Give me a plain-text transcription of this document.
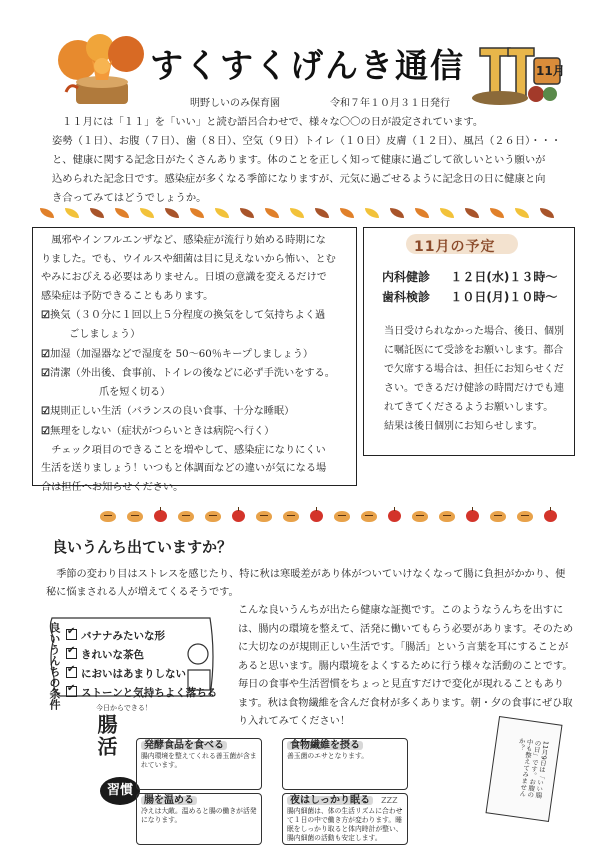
すくすくげんき通信	11月
明野しいのみ保育園	令和７年１０月３１日発行
１１月には「１１」を「いい」と読む語呂合わせで、様々な〇〇の日が設定されています。
姿勢（１日）、お腹（７日）、歯（８日）、空気（９日）トイレ（１０日）皮膚（１２日）、風呂（２６日）・・・
と、健康に関する記念日がたくさんあります。体のことを正しく知って健康に過ごして欲しいという願いが
込められた記念日です。感染症が多くなる季節になりますが、元気に過ごせるように記念日の日に健康と向
き合ってみてはどうでしょうか。

風邪やインフルエンザなど、感染症が流行り始める時期にな

りました。でも、ウイルスや細菌は目に見えないから怖い、とむ

やみにおびえる必要はありません。日頃の意識を変えるだけで

感染症は予防できることもあります。

☑換気（３０分に１回以上５分程度の換気をして気持ちよく過

ごしましょう）

☑加湿（加湿器などで湿度を 50～60％キープしましょう）

☑清潔（外出後、食事前、トイレの後などに必ず手洗いをする。

爪を短く切る）

☑規則正しい生活（バランスの良い食事、十分な睡眠）

☑無理をしない（症状がつらいときは病院へ行く）

チェック項目のできることを増やして、感染症になりにくい

生活を送りましょう！いつもと体調面などの違いが気になる場

合は担任へお知らせください。

11月の予定
内科健診 １２日(水)１３時～
歯科検診 １０日(月)１０時～
当日受けられなかった場合、後日、個別に嘱託医にて受診をお願いします。都合で欠席する場合は、担任にお知らせください。できるだけ健診の時間だけでも連れてきてくださるようお願いします。
結果は後日個別にお知らせします。
良いうんち出ていますか？
季節の変わり目はストレスを感じたり、特に秋は寒暖差があり体がついていけなくなって腸に負担がかかり、便秘に悩まされる人が増えてくるそうです。
こんな良いうんちが出たら健康な証拠です。このようなうんちを出すには、腸内の環境を整えて、活発に働いてもらう必要があります。そのために大切なのが規則正しい生活です。「腸活」という言葉を耳にすることがあると思います。腸内環境をよくするために行う様々な活動のことです。毎日の食事や生活習慣をちょっと見直すだけで変化が現れることもあります。秋は食物繊維を含んだ食材が多くあります。朝・夕の食事にぜひ取り入れてみてください！
良いうんちの条件
✔	バナナみたいな形
✔きれいな茶色
✔においはあまりしない
✔ストーンと気持ちよく落ちる
今日からできる！
腸活
習慣
発酵食品を食べる
腸内環境を整えてくれる善玉菌が含まれています。
食物繊維を摂る
善玉菌のエサとなります。
腸を温める
冷えは大敵。温めると腸の働きが活発になります。
夜はしっかり眠る ZZZ
腸内細菌は、体の生活リズムに合わせて１日の中で働き方が変わります。睡眠をしっかり取ると体内時計が整い、腸内細菌の活動も安定します。
11月9日は「いい腸の日」です。お腹の中も整えてみませんか？
